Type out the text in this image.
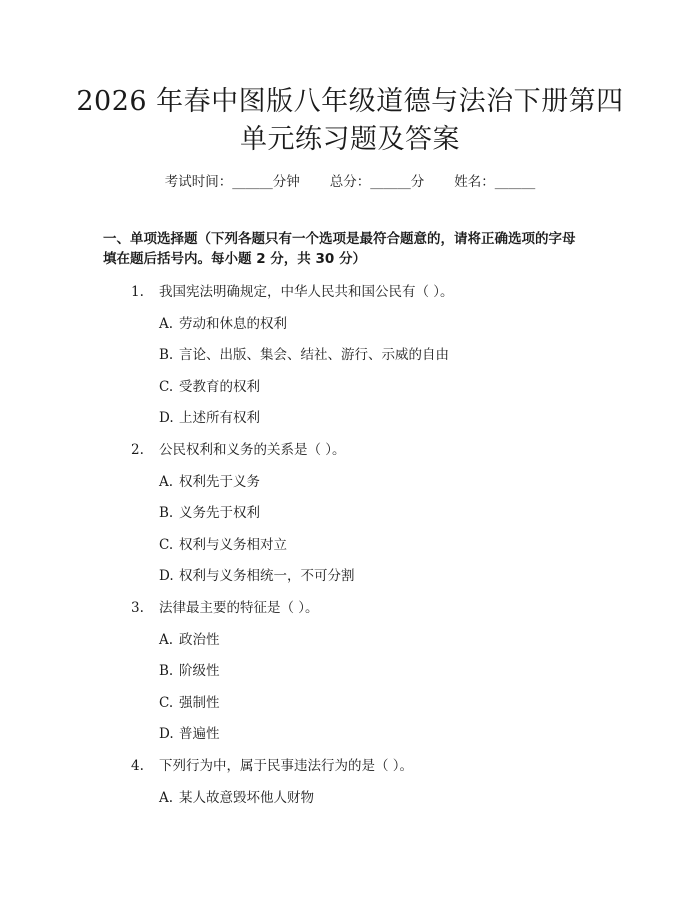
2026 年春中图版八年级道德与法治下册第四
单元练习题及答案
考试时间：______分钟 总分：______分 姓名：______
一、单项选择题（下列各题只有一个选项是最符合题意的，请将正确选项的字母
填在题后括号内。每小题 2 分，共 30 分）
1. 我国宪法明确规定，中华人民共和国公民有（ ）。
A. 劳动和休息的权利
B. 言论、出版、集会、结社、游行、示威的自由
C. 受教育的权利
D. 上述所有权利
2. 公民权利和义务的关系是（ ）。
A. 权利先于义务
B. 义务先于权利
C. 权利与义务相对立
D. 权利与义务相统一，不可分割
3. 法律最主要的特征是（ ）。
A. 政治性
B. 阶级性
C. 强制性
D. 普遍性
4. 下列行为中，属于民事违法行为的是（ ）。
A. 某人故意毁坏他人财物
